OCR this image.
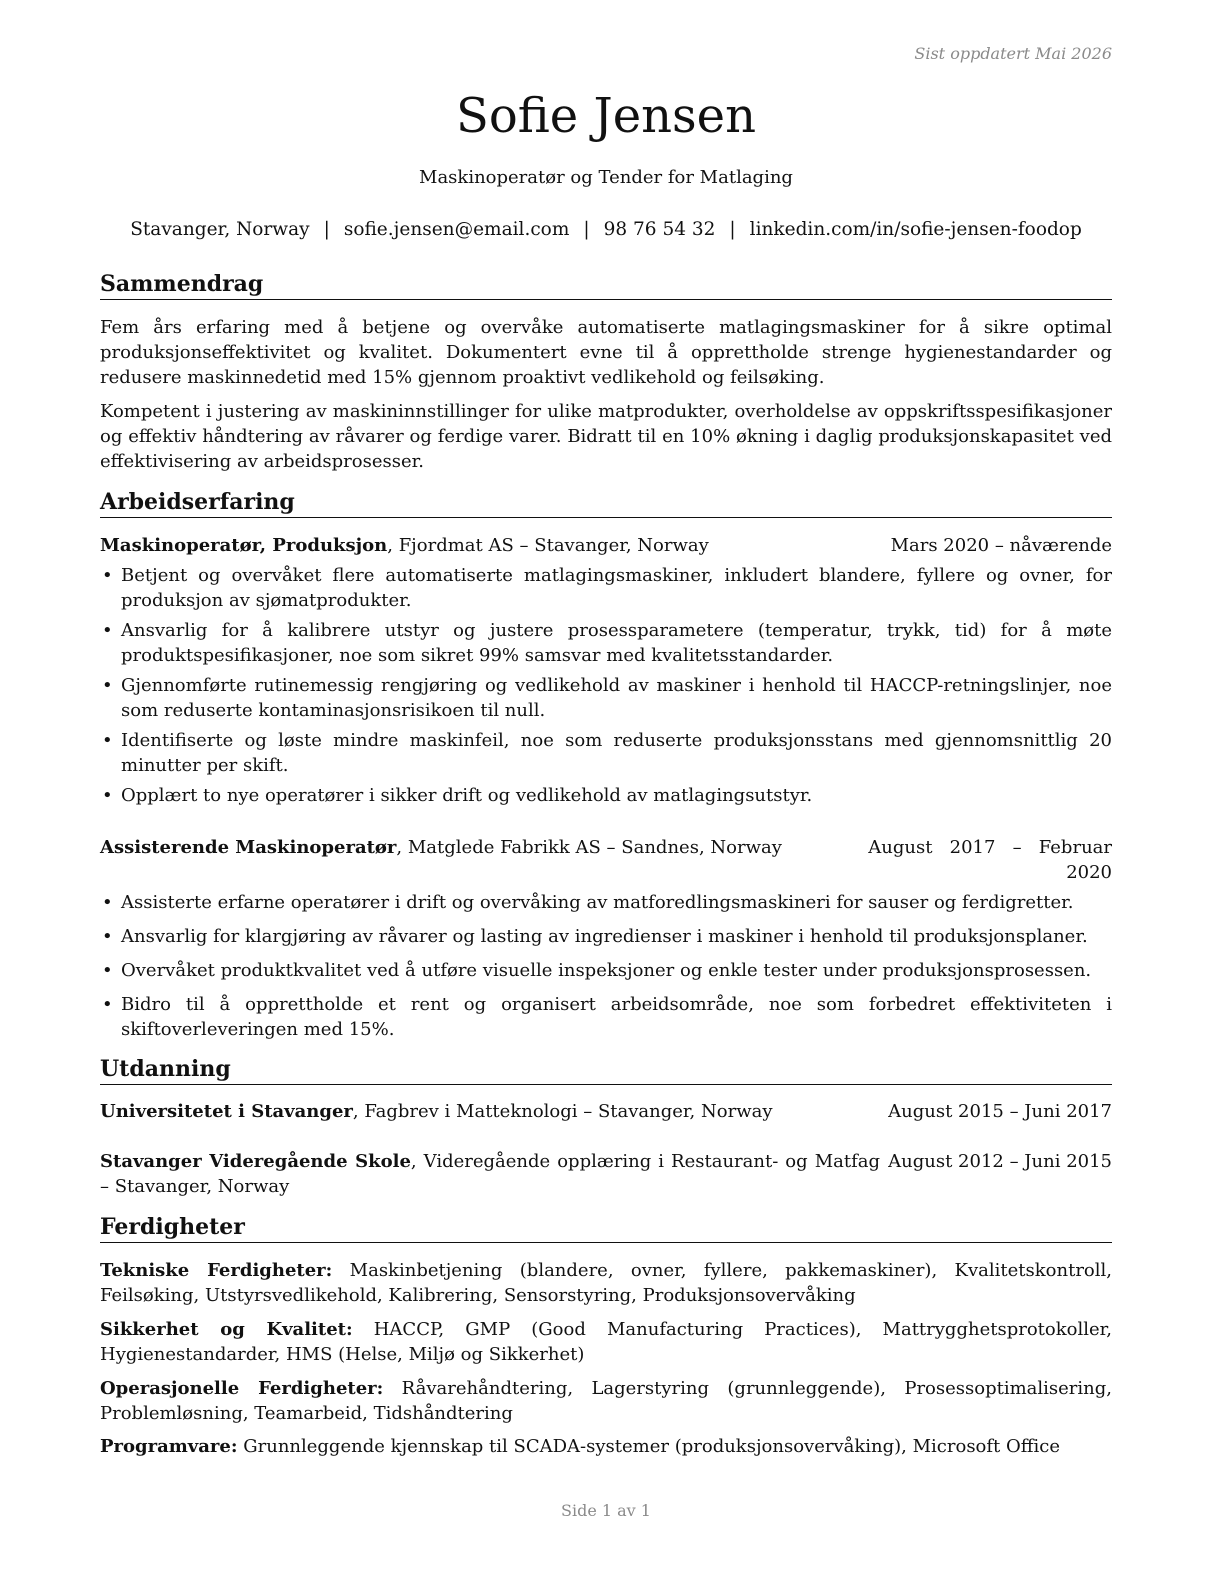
Sist oppdatert Mai 2026
Sofie Jensen
Maskinoperatør og Tender for Matlaging
Stavanger, Norway | sofie.jensen@email.com | 98 76 54 32 | linkedin.com/in/sofie-jensen-foodop
Sammendrag

Fem års erfaring med å betjene og overvåke automatiserte matlagingsmaskiner for å sikre optimal produksjonseffektivitet og kvalitet. Dokumentert evne til å opprettholde strenge hygienestandarder og redusere maskinnedetid med 15% gjennom proaktivt vedlikehold og feilsøking.

Kompetent i justering av maskininnstillinger for ulike matprodukter, overholdelse av oppskriftsspesifikasjoner og effektiv håndtering av råvarer og ferdige varer. Bidratt til en 10% økning i daglig produksjonskapasitet ved effektivisering av arbeidsprosesser.

Arbeidserfaring
Maskinoperatør, Produksjon, Fjordmat AS – Stavanger, Norway	Mars 2020 – nåværende
• Betjent og overvåket flere automatiserte matlagingsmaskiner, inkludert blandere, fyllere og ovner, for produksjon av sjømatprodukter.
• Ansvarlig for å kalibrere utstyr og justere prosessparametere (temperatur, trykk, tid) for å møte produktspesifikasjoner, noe som sikret 99% samsvar med kvalitetsstandarder.
• Gjennomførte rutinemessig rengjøring og vedlikehold av maskiner i henhold til HACCP-retningslinjer, noe som reduserte kontaminasjonsrisikoen til null.
• Identifiserte og løste mindre maskinfeil, noe som reduserte produksjonsstans med gjennomsnittlig 20 minutter per skift.
• Opplært to nye operatører i sikker drift og vedlikehold av matlagingsutstyr.
Assisterende Maskinoperatør, Matglede Fabrikk AS – Sandnes, Norway	August   2017   –   Februar
2020
• Assisterte erfarne operatører i drift og overvåking av matforedlingsmaskineri for sauser og ferdigretter.
• Ansvarlig for klargjøring av råvarer og lasting av ingredienser i maskiner i henhold til produksjonsplaner.
• Overvåket produktkvalitet ved å utføre visuelle inspeksjoner og enkle tester under produksjonsprosessen.
• Bidro til å opprettholde et rent og organisert arbeidsområde, noe som forbedret effektiviteten i skiftoverleveringen med 15%.
Utdanning
Universitetet i Stavanger, Fagbrev i Matteknologi – Stavanger, Norway	August 2015 – Juni 2017
Stavanger Videregående Skole, Videregående opplæring i Restaurant- og Matfag – Stavanger, Norway
August 2012 – Juni 2015
Ferdigheter

Tekniske Ferdigheter: Maskinbetjening (blandere, ovner, fyllere, pakkemaskiner), Kvalitetskontroll, Feilsøking, Utstyrsvedlikehold, Kalibrering, Sensorstyring, Produksjonsovervåking

Sikkerhet og Kvalitet: HACCP, GMP (Good Manufacturing Practices), Mattrygghetsprotokoller, Hygienestandarder, HMS (Helse, Miljø og Sikkerhet)

Operasjonelle Ferdigheter: Råvarehåndtering, Lagerstyring (grunnleggende), Prosessoptimalisering, Problemløsning, Teamarbeid, Tidshåndtering

Programvare: Grunnleggende kjennskap til SCADA-systemer (produksjonsovervåking), Microsoft Office

Side 1 av 1
